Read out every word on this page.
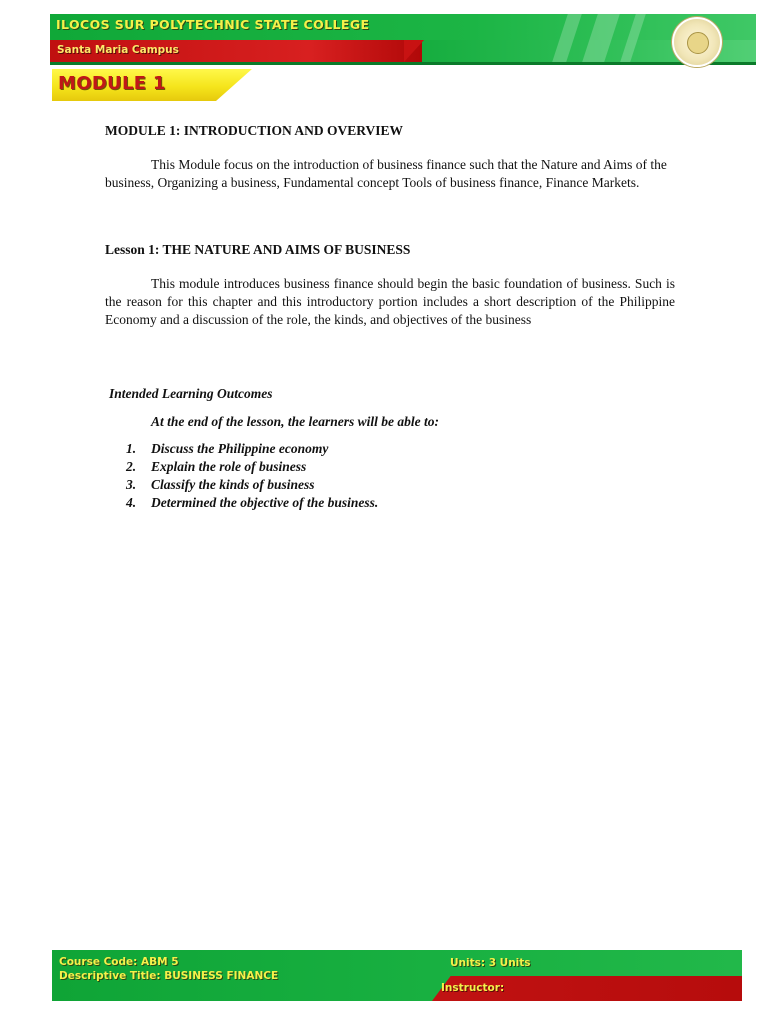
ILOCOS SUR POLYTECHNIC STATE COLLEGE
Santa Maria Campus
MODULE 1
MODULE 1: INTRODUCTION AND OVERVIEW
This Module focus on the introduction of business finance such that the Nature and Aims of the business, Organizing a business, Fundamental concept Tools of business finance, Finance Markets.
Lesson 1: THE NATURE AND AIMS OF BUSINESS
This module introduces business finance should begin the basic foundation of business. Such is the reason for this chapter and this introductory portion includes a short description of the Philippine Economy and a discussion of the role, the kinds, and objectives of the business
Intended Learning Outcomes
At the end of the lesson, the learners will be able to:
1. Discuss the Philippine economy
2. Explain the role of business
3. Classify the kinds of business
4. Determined the objective of the business.
Course Code: ABM 5
Descriptive Title: BUSINESS FINANCE
Units: 3 Units
Instructor:
